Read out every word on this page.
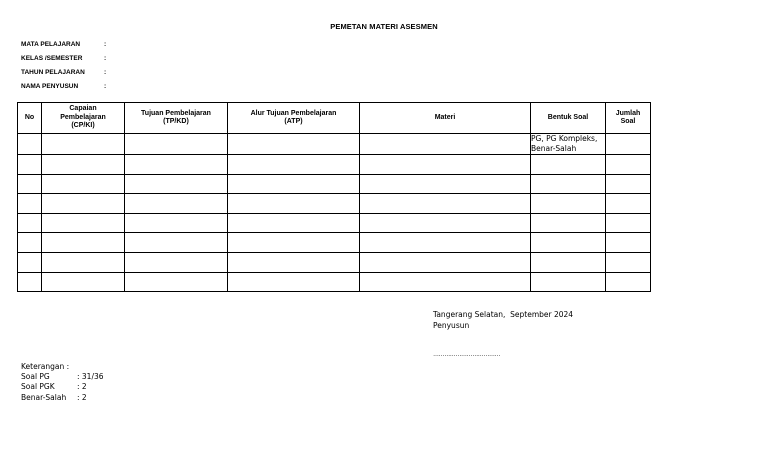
PEMETAN MATERI ASESMEN
MATA PELAJARAN	:
KELAS /SEMESTER	:
TAHUN PELAJARAN	:
NAMA PENYUSUN	:
No	Capaian
Pembelajaran
(CP/KI)	Tujuan Pembelajaran
(TP/KD)	Alur Tujuan Pembelajaran
(ATP)	Materi	Bentuk Soal	Jumlah
Soal
					PG, PG Kompleks,
Benar-Salah	

Tangerang Selatan,  September 2024
Penyusun
………………………………
Keterangan :
Soal PG	: 31/36
Soal PGK	: 2
Benar-Salah	: 2
